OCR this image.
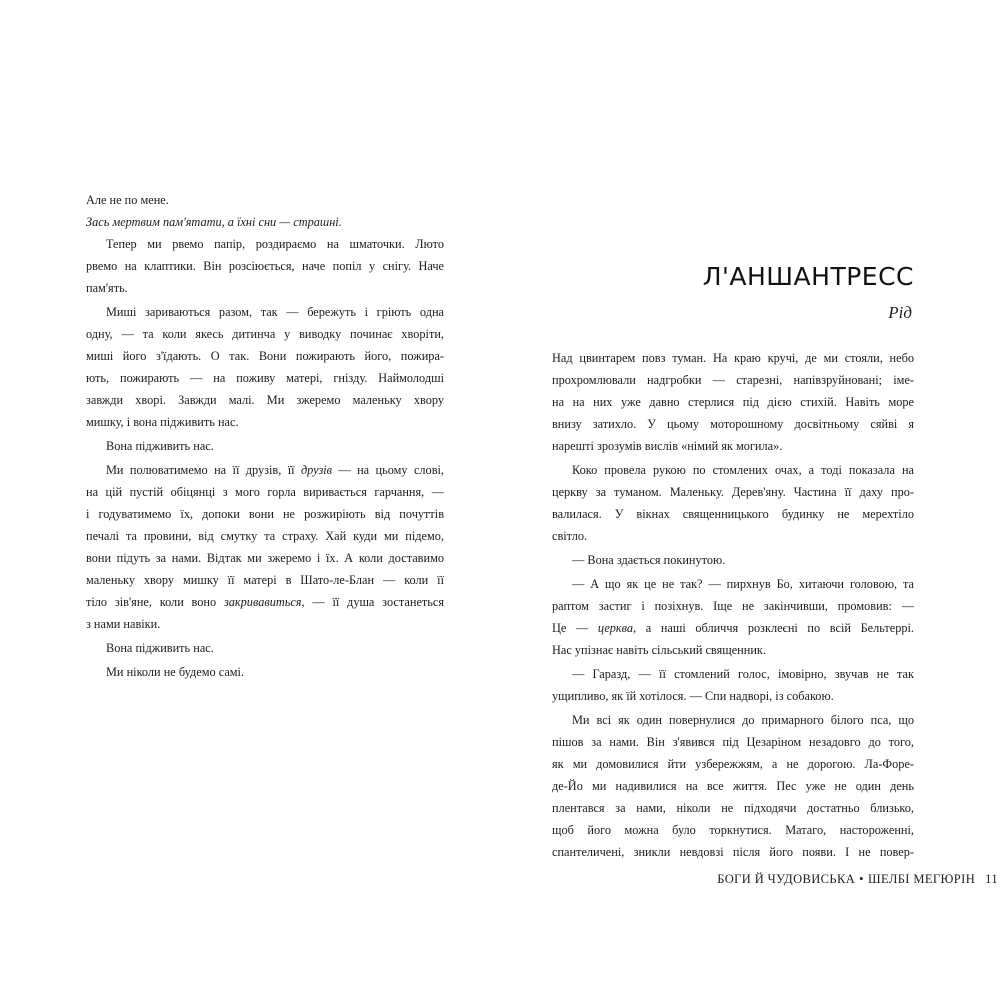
Але не по мене.

Зась мертвим пам'ятати, а їхні сни — страшні.

Тепер ми рвемо папір, роздираємо на шматочки. Люто

рвемо на клаптики. Він розсіюється, наче попіл у снігу. Наче

пам'ять.

Миші зариваються разом, так — бережуть і гріють одна

одну, — та коли якесь дитинча у виводку починає хворіти,

миші його з'їдають. О так. Вони пожирають його, пожира-

ють, пожирають — на поживу матері, гнізду. Наймолодші

завжди хворі. Завжди малі. Ми зжеремо маленьку хвору

мишку, і вона підживить нас.

Вона підживить нас.

Ми полюватимемо на її друзів, її друзів — на цьому слові,

на цій пустій обіцянці з мого горла виривається гарчання, —

і годуватимемо їх, допоки вони не розжиріють від почуттів

печалі та провини, від смутку та страху. Хай куди ми підемо,

вони підуть за нами. Відтак ми зжеремо і їх. А коли доставимо

маленьку хвору мишку її матері в Шато-ле-Блан — коли її

тіло зів'яне, коли воно закривавиться, — її душа зостанеться

з нами навіки.

Вона підживить нас.

Ми ніколи не будемо самі.

Л'АНШАНТРЕСС
Рід

Над цвинтарем повз туман. На краю кручі, де ми стояли, небо

прохромлювали надгробки — старезні, напівзруйновані; іме-

на на них уже давно стерлися під дією стихій. Навіть море

внизу затихло. У цьому моторошному досвітньому сяйві я

нарешті зрозумів вислів «німий як могила».

Коко провела рукою по стомлених очах, а тоді показала на

церкву за туманом. Маленьку. Дерев'яну. Частина її даху про-

валилася. У вікнах священницького будинку не мерехтіло

світло.

— Вона здається покинутою.

— А що як це не так? — пирхнув Бо, хитаючи головою, та

раптом застиг і позіхнув. Іще не закінчивши, промовив: —

Це — церква, а наші обличчя розклеєні по всій Бельтеррі.

Нас упізнає навіть сільський священник.

— Гаразд, — її стомлений голос, імовірно, звучав не так

ущипливо, як їй хотілося. — Спи надворі, із собакою.

Ми всі як один повернулися до примарного білого пса, що

пішов за нами. Він з'явився під Цезаріном незадовго до того,

як ми домовилися йти узбережжям, а не дорогою. Ла-Форе-

де-Йо ми надивилися на все життя. Пес уже не один день

плентався за нами, ніколи не підходячи достатньо близько,

щоб його можна було торкнутися. Матаго, настороженні,

спантеличені, зникли невдовзі після його появи. І не повер-

БОГИ Й ЧУДОВИСЬКА • ШЕЛБІ МЕГЮРІН 11
